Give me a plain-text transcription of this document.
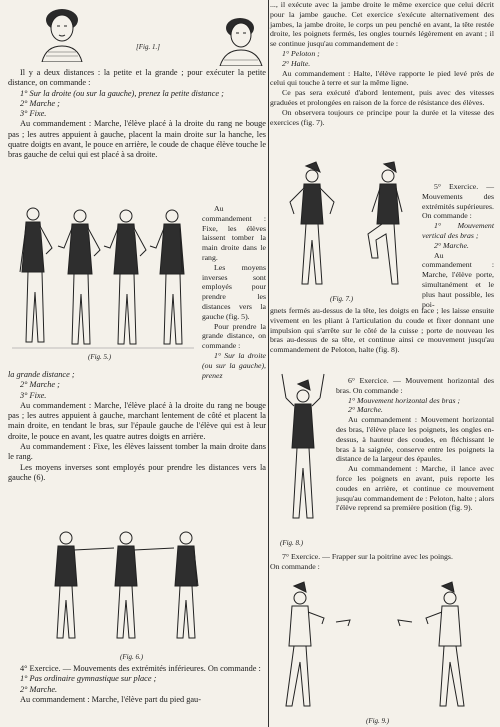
[Fig. 1.]

Il y a deux distances : la petite et la grande ; pour exécuter la petite distance, on commande :

1° Sur la droite (ou sur la gauche), prenez la petite distance ;

2° Marche ;

3° Fixe.

Au commandement : Marche, l'élève placé à la droite du rang ne bouge pas ; les autres appuient à gauche, placent la main droite sur la hanche, les quatre doigts en avant, le pouce en arrière, le coude de chaque élève touche le bras gauche de celui qui est placé à sa droite.

(Fig. 5.)

Au commandement : Fixe, les élèves laissent tomber la main droite dans le rang.

Les moyens inverses sont employés pour prendre les distances vers la gauche (fig. 5).

Pour prendre la grande distance, on commande :

1° Sur la droite (ou sur la gauche), prenez

la grande distance ;

2° Marche ;

3° Fixe.

Au commandement : Marche, l'élève placé à la droite du rang ne bouge pas ; les autres appuient à gauche, marchant lentement de côté et placent la main droite, en tendant le bras, sur l'épaule gauche de l'élève qui est à leur droite, le pouce en avant, les quatre autres doigts en arrière.

Au commandement : Fixe, les élèves laissent tomber la main droite dans le rang.

Les moyens inverses sont employés pour prendre les distances vers la gauche (6).

(Fig. 6.)

4° Exercice. — Mouvements des extrémités inférieures. On commande :

1° Pas ordinaire gymnastique sur place ;

2° Marche.

Au commandement : Marche, l'élève part du pied gau-

..., il exécute avec la jambe droite le même exercice que celui décrit pour la jambe gauche. Cet exercice s'exécute alternativement des jambes, la jambe droite, le corps un peu penché en avant, la tête restée droite, les poignets fermés, les ongles tournés légèrement en avant ; il se continue jusqu'au commandement de :

1° Peloton ;

2° Halte.

Au commandement : Halte, l'élève rapporte le pied levé près de celui qui touche à terre et sur la même ligne.

Ce pas sera exécuté d'abord lentement, puis avec des vitesses graduées et prolongées en raison de la force de résistance des élèves.

On observera toujours ce principe pour la durée et la vitesse des exercices (fig. 7).

(Fig. 7.)

5° Exercice. — Mouvements des extrémités supérieures. On commande :

1° Mouvement vertical des bras ;

2° Marche.

Au commandement : Marche, l'élève porte, simultanément et le plus haut possible, les poi-

gnets fermés au-dessus de la tête, les doigts en face ; les laisse ensuite vivement en les pliant à l'articulation du coude et fixer donnant une impulsion qui s'arrête sur le côté de la cuisse ; porte de nouveau les bras au-dessus de sa tête, et continue ainsi ce mouvement jusqu'au commandement de Peloton, halte (fig. 8).

(Fig. 8.)

6° Exercice. — Mouvement horizontal des bras. On commande :

1° Mouvement horizontal des bras ;

2° Marche.

Au commandement : Mouvement horizontal des bras, l'élève place les poignets, les ongles en-dessus, à hauteur des coudes, en fléchissant le bras à la saignée, conserve entre les poignets la distance de la largeur des épaules.

Au commandement : Marche, il lance avec force les poignets en avant, puis reporte les coudes en arrière, et continue ce mouvement jusqu'au commandement de : Peloton, halte ; alors l'élève reprend sa première position (fig. 9).

7° Exercice. — Frapper sur la poitrine avec les poings.

On commande :

(Fig. 9.)
